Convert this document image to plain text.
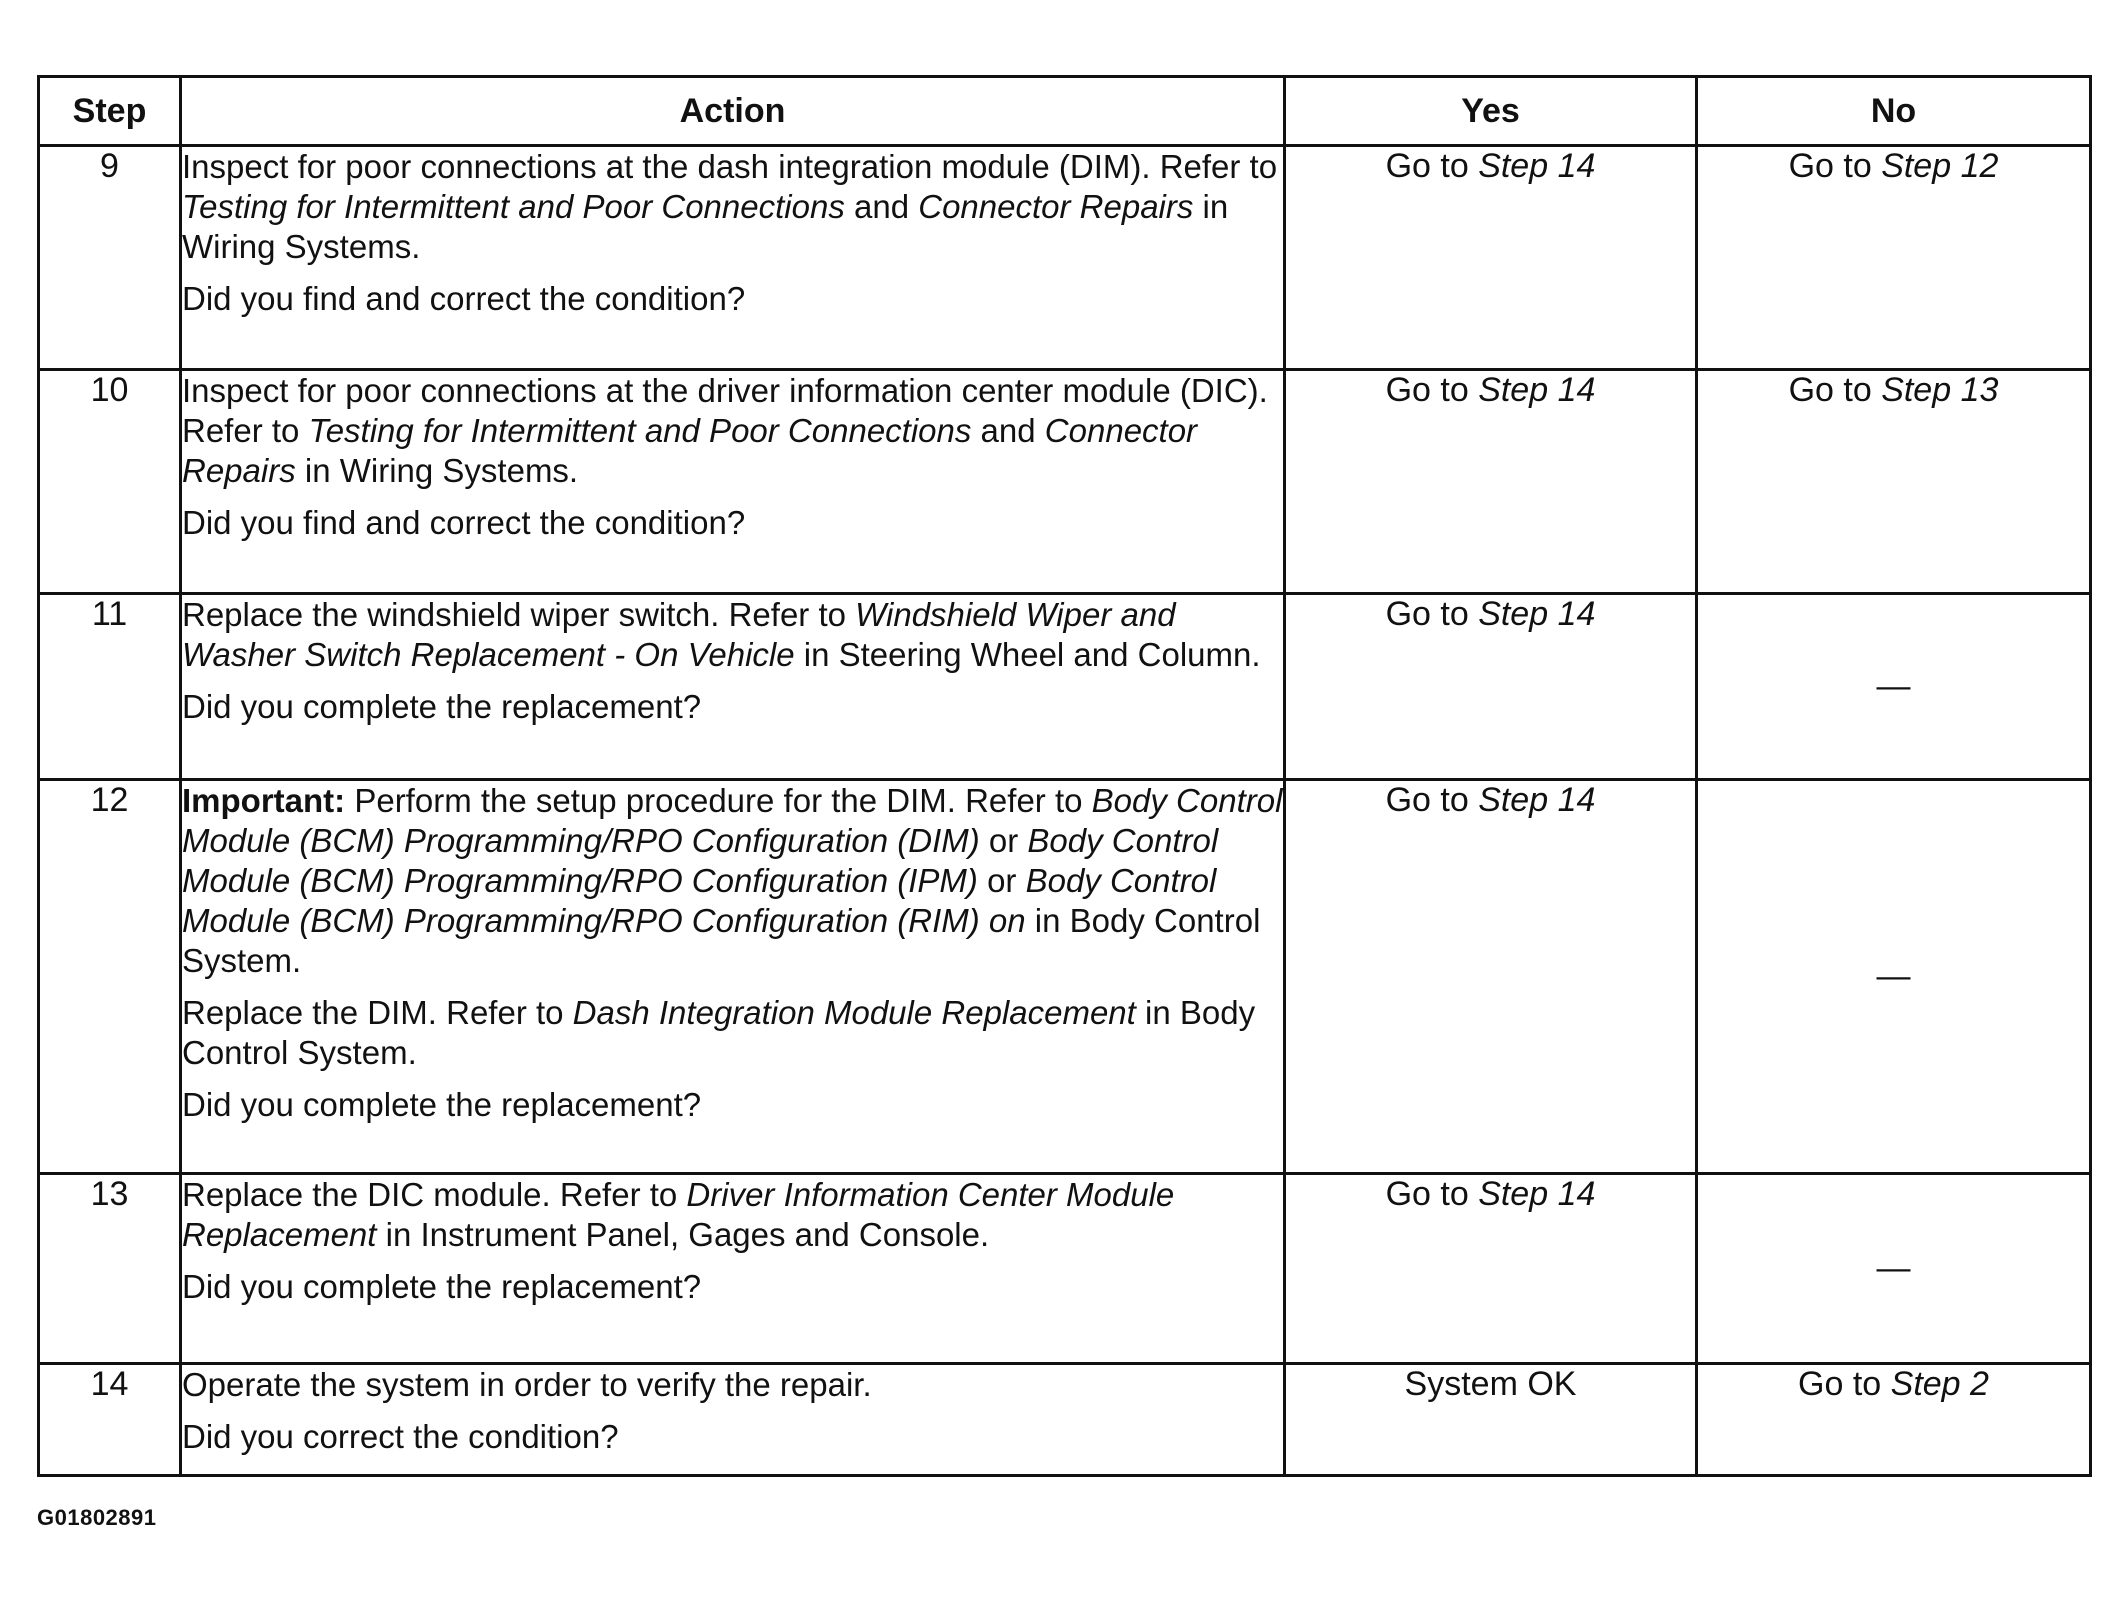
Step	Action	Yes	No
9	Inspect for poor connections at the dash integration module (DIM). Refer to Testing for Intermittent and Poor Connections and Connector Repairs in Wiring Systems.

Did you find and correct the condition?	Go to Step 14	Go to Step 12
10	Inspect for poor connections at the driver information center module (DIC). Refer to Testing for Intermittent and Poor Connections and Connector Repairs in Wiring Systems.

Did you find and correct the condition?	Go to Step 14	Go to Step 13
11	Replace the windshield wiper switch. Refer to Windshield Wiper and Washer Switch Replacement - On Vehicle in Steering Wheel and Column.

Did you complete the replacement?	Go to Step 14	—
12	Important: Perform the setup procedure for the DIM. Refer to Body Control Module (BCM) Programming/RPO Configuration (DIM) or Body Control Module (BCM) Programming/RPO Configuration (IPM) or Body Control Module (BCM) Programming/RPO Configuration (RIM) on in Body Control System.

Replace the DIM. Refer to Dash Integration Module Replacement in Body Control System.

Did you complete the replacement?	Go to Step 14	—
13	Replace the DIC module. Refer to Driver Information Center Module Replacement in Instrument Panel, Gages and Console.

Did you complete the replacement?	Go to Step 14	—
14	Operate the system in order to verify the repair.

Did you correct the condition?	System OK	Go to Step 2
G01802891
